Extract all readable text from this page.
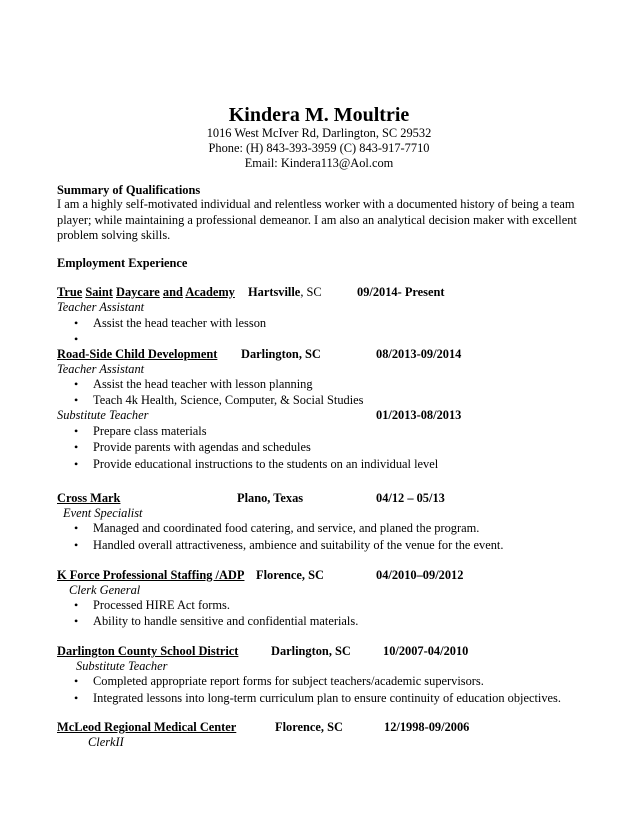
Kindera M. Moultrie
1016 West McIver Rd, Darlington, SC 29532
Phone: (H) 843-393-3959 (C) 843-917-7710
Email: Kindera113@Aol.com
Summary of Qualifications
I am a highly self-motivated individual and relentless worker with a documented history of being a team player; while maintaining a professional demeanor. I am also an analytical decision maker with excellent problem solving skills.
Employment Experience
True Saint Daycare and Academy Hartsville, SC	09/2014- Present
Teacher Assistant
•
Assist the head teacher with lesson
•
Road-Side Child Development Darlington, SC	08/2013-09/2014
Teacher Assistant
•
Assist the head teacher with lesson planning
•
Teach 4k Health, Science, Computer, & Social Studies
Substitute Teacher	01/2013-08/2013
•
Prepare class materials
•
Provide parents with agendas and schedules
•
Provide educational instructions to the students on an individual level
Cross Mark	Plano, Texas	04/12 – 05/13
Event Specialist
•
Managed and coordinated food catering, and service, and planed the program.
•
Handled overall attractiveness, ambience and suitability of the venue for the event.
K Force Professional Staffing /ADP Florence, SC	04/2010–09/2012
Clerk General
•
Processed HIRE Act forms.
•
Ability to handle sensitive and confidential materials.
Darlington County School District	Darlington, SC	10/2007-04/2010
Substitute Teacher
•
Completed appropriate report forms for subject teachers/academic supervisors.
•
Integrated lessons into long-term curriculum plan to ensure continuity of education objectives.
McLeod Regional Medical Center	Florence, SC	12/1998-09/2006
ClerkII
